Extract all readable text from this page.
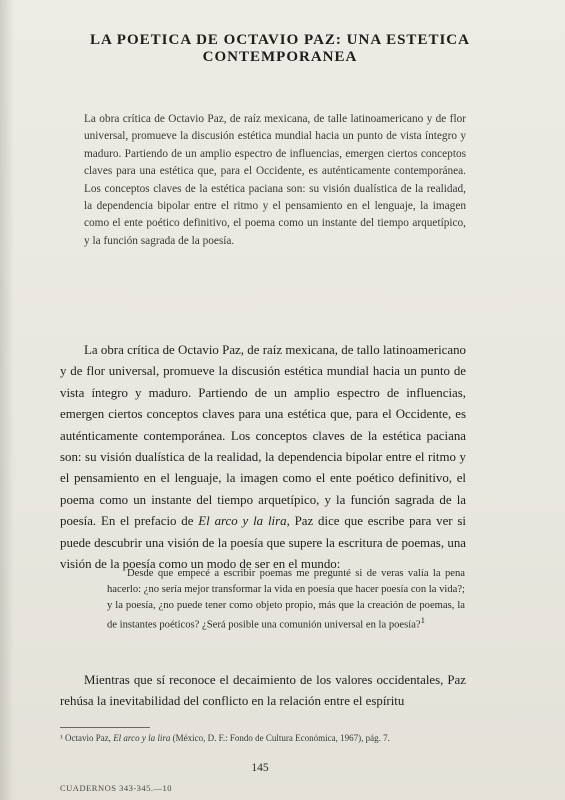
LA POETICA DE OCTAVIO PAZ: UNA ESTETICA
CONTEMPORANEA

La obra crítica de Octavio Paz, de raíz mexicana, de talle latinoamericano y de flor universal, promueve la discusión estética mundial hacia un punto de vista íntegro y maduro. Partiendo de un amplio espectro de influencias, emergen ciertos conceptos claves para una estética que, para el Occidente, es auténticamente contemporánea. Los conceptos claves de la estética paciana son: su visión dualística de la realidad, la dependencia bipolar entre el ritmo y el pensamiento en el lenguaje, la imagen como el ente poético definitivo, el poema como un instante del tiempo arquetípico, y la función sagrada de la poesía.

La obra crítica de Octavio Paz, de raíz mexicana, de tallo latinoamericano y de flor universal, promueve la discusión estética mundial hacia un punto de vista íntegro y maduro. Partiendo de un amplio espectro de influencias, emergen ciertos conceptos claves para una estética que, para el Occidente, es auténticamente contemporánea. Los conceptos claves de la estética paciana son: su visión dualística de la realidad, la dependencia bipolar entre el ritmo y el pensamiento en el lenguaje, la imagen como el ente poético definitivo, el poema como un instante del tiempo arquetípico, y la función sagrada de la poesía. En el prefacio de El arco y la lira, Paz dice que escribe para ver si puede descubrir una visión de la poesía que supere la escritura de poemas, una visión de la poesía como un modo de ser en el mundo:

Desde que empecé a escribir poemas me pregunté si de veras valía la pena hacerlo: ¿no sería mejor transformar la vida en poesía que hacer poesía con la vida?; y la poesía, ¿no puede tener como objeto propio, más que la creación de poemas, la de instantes poéticos? ¿Será posible una comunión universal en la poesía?$^1$

Mientras que sí reconoce el decaimiento de los valores occidentales, Paz rehúsa la inevitabilidad del conflicto en la relación entre el espíritu

¹ Octavio Paz, El arco y la lira (México, D. F.: Fondo de Cultura Económica, 1967), pág. 7.
145
CUADERNOS 343-345.—10
